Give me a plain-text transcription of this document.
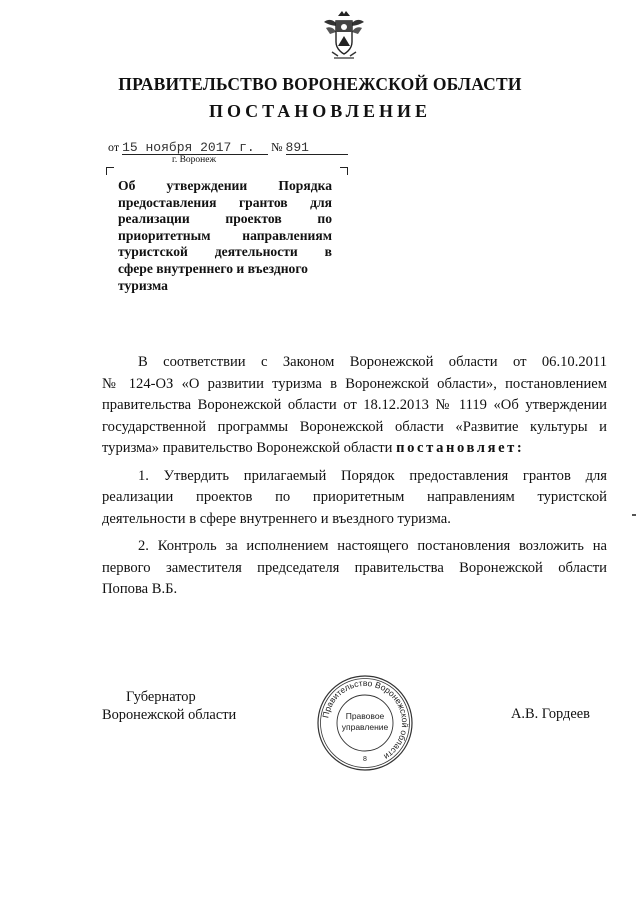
ПРАВИТЕЛЬСТВО ВОРОНЕЖСКОЙ ОБЛАСТИ
ПОСТАНОВЛЕНИЕ
от 15 ноября 2017 г. № 891
г. Воронеж
Об утверждении Порядка
предоставления грантов для
реализации проектов по
приоритетным направлениям
туристской деятельности в
сфере внутреннего и въездного
туризма
В соответствии с Законом Воронежской области от 06.10.2011
№ 124-ОЗ «О развитии туризма в Воронежской области», постановлением
правительства Воронежской области от 18.12.2013 № 1119 «Об утверждении
государственной программы Воронежской области «Развитие культуры и
туризма» правительство Воронежской области постановляет:
1. Утвердить прилагаемый Порядок предоставления грантов для
реализации проектов по приоритетным направлениям туристской
деятельности в сфере внутреннего и въездного туризма.
2. Контроль за исполнением настоящего постановления возложить на
первого заместителя председателя правительства Воронежской области
Попова В.Б.
Губернатор
Воронежской области	А.В. Гордеев
Правительство Воронежской области
Правовое
управление
8
